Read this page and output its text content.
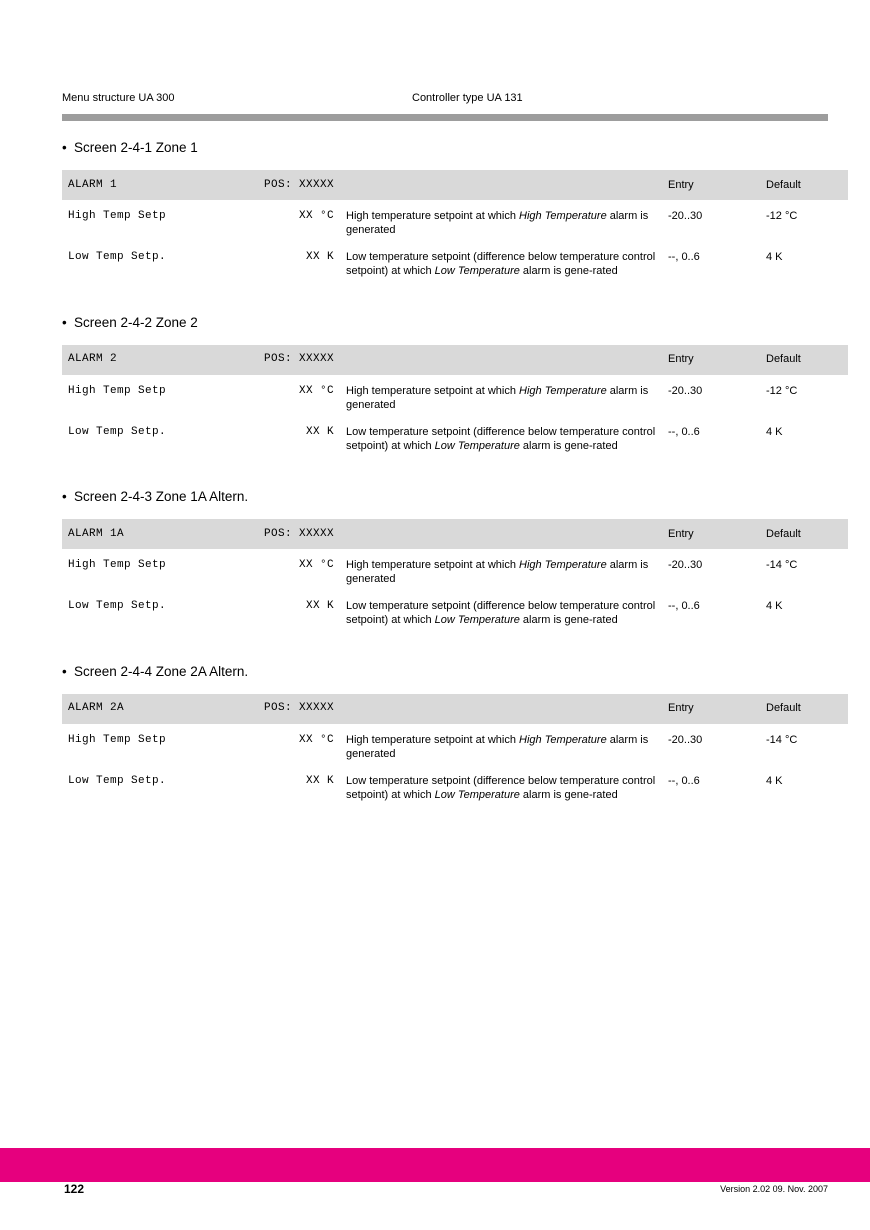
Menu structure UA 300	Controller type UA 131
• Screen 2-4-1 Zone 1
ALARM 1	POS: XXXXX		Entry	Default
High Temp Setp	XX °C	High temperature setpoint at which High Temperature alarm is generated	-20..30	-12 °C
Low Temp Setp.	XX K	Low temperature setpoint (difference below temperature control setpoint) at which Low Temperature alarm is gene-rated	--, 0..6	4 K
• Screen 2-4-2 Zone 2
ALARM 2	POS: XXXXX		Entry	Default
High Temp Setp	XX °C	High temperature setpoint at which High Temperature alarm is generated	-20..30	-12 °C
Low Temp Setp.	XX K	Low temperature setpoint (difference below temperature control setpoint) at which Low Temperature alarm is gene-rated	--, 0..6	4 K
• Screen 2-4-3 Zone 1A Altern.
ALARM 1A	POS: XXXXX		Entry	Default
High Temp Setp	XX °C	High temperature setpoint at which High Temperature alarm is generated	-20..30	-14 °C
Low Temp Setp.	XX K	Low temperature setpoint (difference below temperature control setpoint) at which Low Temperature alarm is gene-rated	--, 0..6	4 K
• Screen 2-4-4 Zone 2A Altern.
ALARM 2A	POS: XXXXX		Entry	Default
High Temp Setp	XX °C	High temperature setpoint at which High Temperature alarm is generated	-20..30	-14 °C
Low Temp Setp.	XX K	Low temperature setpoint (difference below temperature control setpoint) at which Low Temperature alarm is gene-rated	--, 0..6	4 K
122	Version 2.02 09. Nov. 2007
